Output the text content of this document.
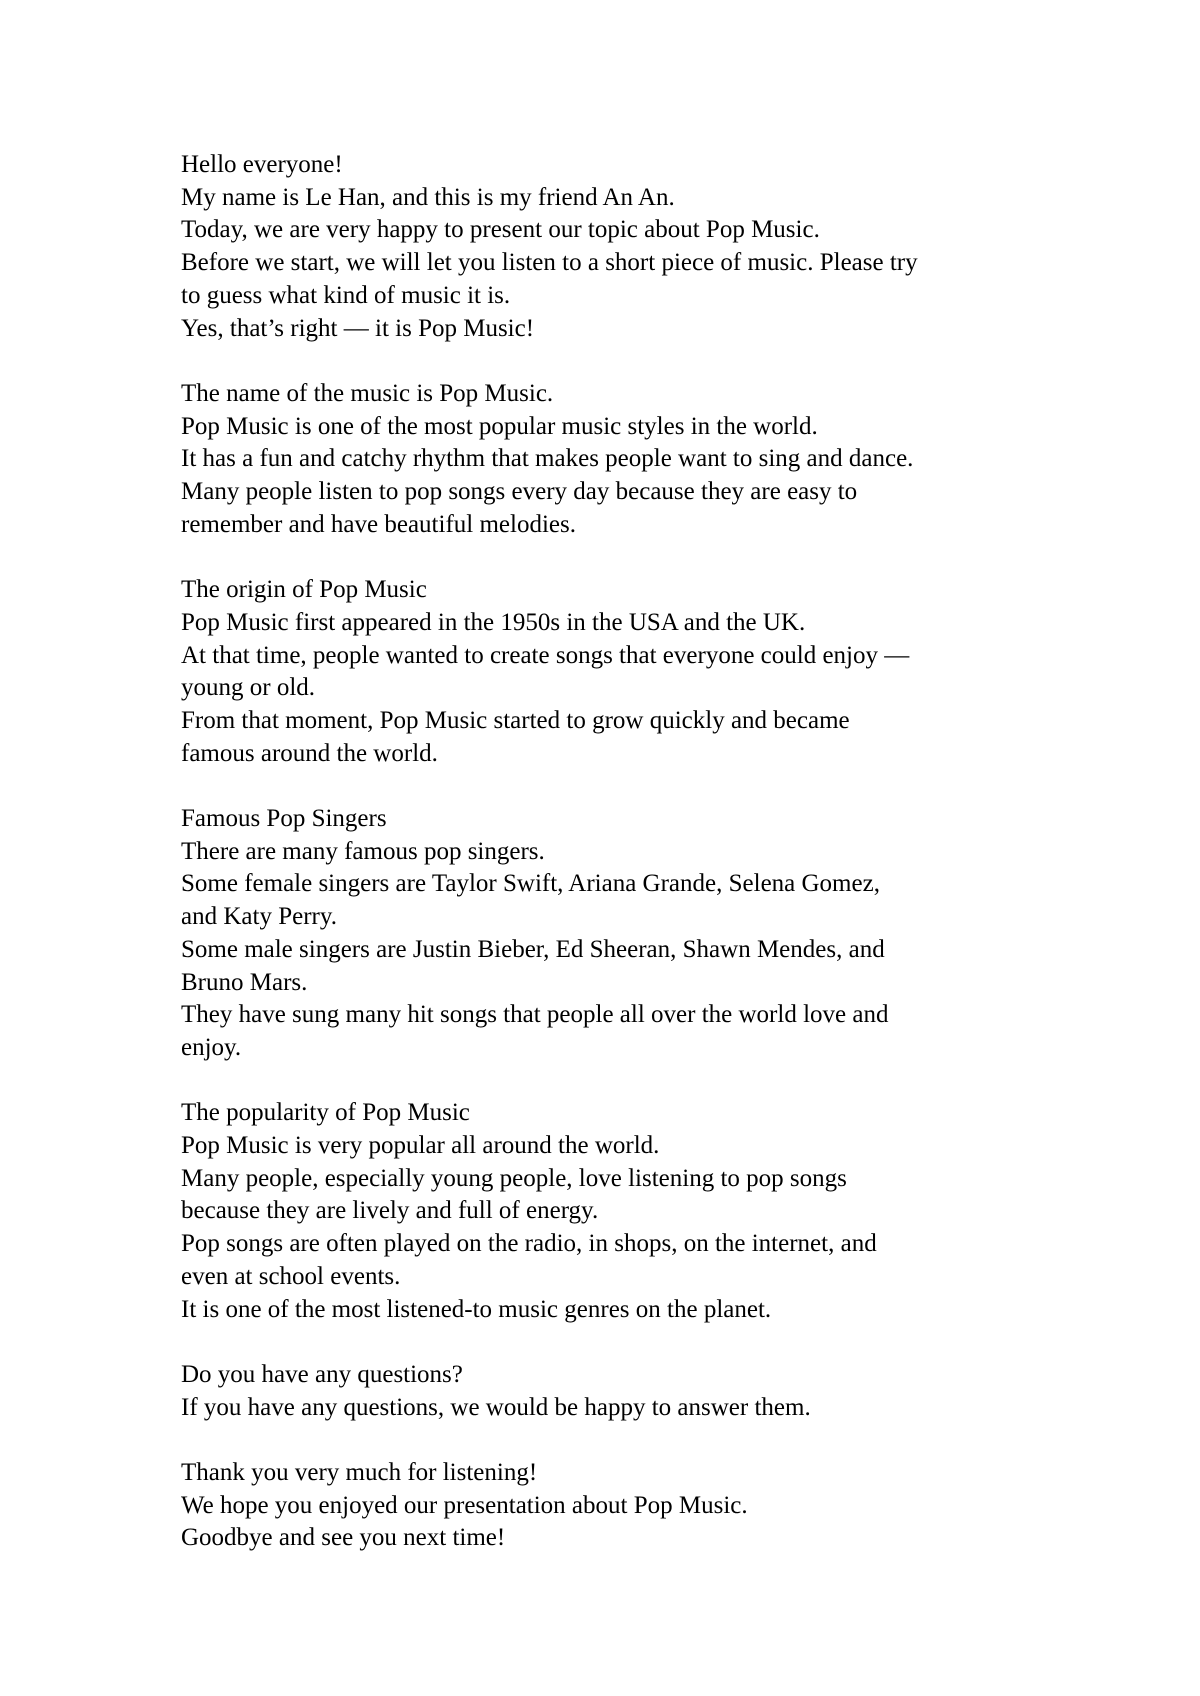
Hello everyone!
My name is Le Han, and this is my friend An An.
Today, we are very happy to present our topic about Pop Music.
Before we start, we will let you listen to a short piece of music. Please try
to guess what kind of music it is.
Yes, that’s right — it is Pop Music!
The name of the music is Pop Music.
Pop Music is one of the most popular music styles in the world.
It has a fun and catchy rhythm that makes people want to sing and dance.
Many people listen to pop songs every day because they are easy to
remember and have beautiful melodies.
The origin of Pop Music
Pop Music first appeared in the 1950s in the USA and the UK.
At that time, people wanted to create songs that everyone could enjoy —
young or old.
From that moment, Pop Music started to grow quickly and became
famous around the world.
Famous Pop Singers
There are many famous pop singers.
Some female singers are Taylor Swift, Ariana Grande, Selena Gomez,
and Katy Perry.
Some male singers are Justin Bieber, Ed Sheeran, Shawn Mendes, and
Bruno Mars.
They have sung many hit songs that people all over the world love and
enjoy.
The popularity of Pop Music
Pop Music is very popular all around the world.
Many people, especially young people, love listening to pop songs
because they are lively and full of energy.
Pop songs are often played on the radio, in shops, on the internet, and
even at school events.
It is one of the most listened-to music genres on the planet.
Do you have any questions?
If you have any questions, we would be happy to answer them.
Thank you very much for listening!
We hope you enjoyed our presentation about Pop Music.
Goodbye and see you next time!
